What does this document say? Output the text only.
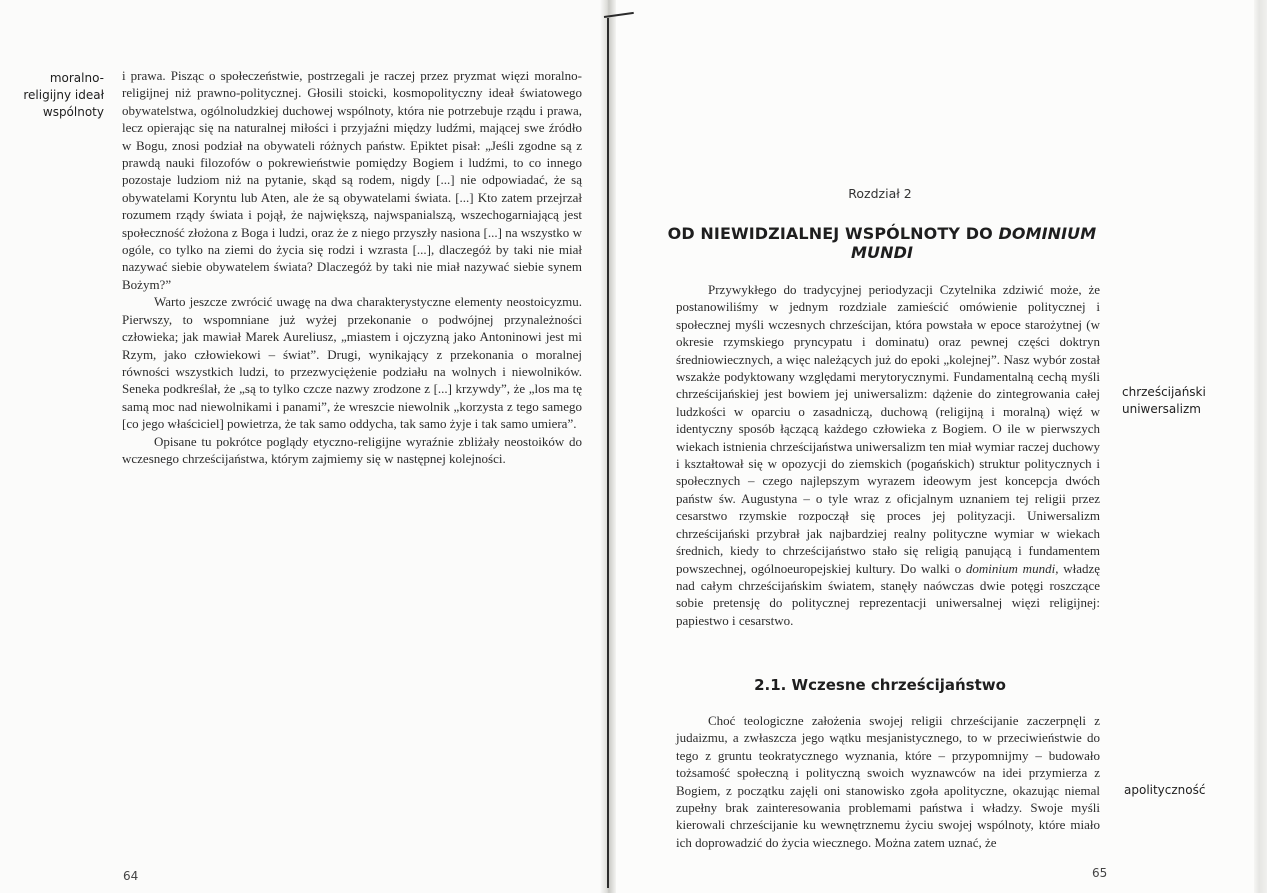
moralno-religijny ideał wspólnoty

i prawa. Pisząc o społeczeństwie, postrzegali je raczej przez pryzmat więzi moralno-religijnej niż prawno-politycznej. Głosili stoicki, kosmopolityczny ideał światowego obywatelstwa, ogólnoludzkiej duchowej wspólnoty, która nie potrzebuje rządu i prawa, lecz opierając się na naturalnej miłości i przyjaźni między ludźmi, mającej swe źródło w Bogu, znosi podział na obywateli różnych państw. Epiktet pisał: „Jeśli zgodne są z prawdą nauki filozofów o pokrewieństwie pomiędzy Bogiem i ludźmi, to co innego pozostaje ludziom niż na pytanie, skąd są rodem, nigdy [...] nie odpowiadać, że są obywatelami Koryntu lub Aten, ale że są obywatelami świata. [...] Kto zatem przejrzał rozumem rządy świata i pojął, że największą, najwspanialszą, wszechogarniającą jest społeczność złożona z Boga i ludzi, oraz że z niego przyszły nasiona [...] na wszystko w ogóle, co tylko na ziemi do życia się rodzi i wzrasta [...], dlaczegóż by taki nie miał nazywać siebie obywatelem świata? Dlaczegóż by taki nie miał nazywać siebie synem Bożym?”

Warto jeszcze zwrócić uwagę na dwa charakterystyczne elementy neostoicyzmu. Pierwszy, to wspomniane już wyżej przekonanie o podwójnej przynależności człowieka; jak mawiał Marek Aureliusz, „miastem i ojczyzną jako Antoninowi jest mi Rzym, jako człowiekowi – świat”. Drugi, wynikający z przekonania o moralnej równości wszystkich ludzi, to przezwyciężenie podziału na wolnych i niewolników. Seneka podkreślał, że „są to tylko czcze nazwy zrodzone z [...] krzywdy”, że „los ma tę samą moc nad niewolnikami i panami”, że wreszcie niewolnik „korzysta z tego samego [co jego właściciel] powietrza, że tak samo oddycha, tak samo żyje i tak samo umiera”.

Opisane tu pokrótce poglądy etyczno-religijne wyraźnie zbliżały neostoików do wczesnego chrześcijaństwa, którym zajmiemy się w następnej kolejności.

64
Rozdział 2
OD NIEWIDZIALNEJ WSPÓLNOTY DO DOMINIUM MUNDI

Przywykłego do tradycyjnej periodyzacji Czytelnika zdziwić może, że postanowiliśmy w jednym rozdziale zamieścić omówienie politycznej i społecznej myśli wczesnych chrześcijan, która powstała w epoce starożytnej (w okresie rzymskiego pryncypatu i dominatu) oraz pewnej części doktryn średniowiecznych, a więc należących już do epoki „kolejnej”. Nasz wybór został wszakże podyktowany względami merytorycznymi. Fundamentalną cechą myśli chrześcijańskiej jest bowiem jej uniwersalizm: dążenie do zintegrowania całej ludzkości w oparciu o zasadniczą, duchową (religijną i moralną) więź w identyczny sposób łączącą każdego człowieka z Bogiem. O ile w pierwszych wiekach istnienia chrześcijaństwa uniwersalizm ten miał wymiar raczej duchowy i kształtował się w opozycji do ziemskich (pogańskich) struktur politycznych i społecznych – czego najlepszym wyrazem ideowym jest koncepcja dwóch państw św. Augustyna – o tyle wraz z oficjalnym uznaniem tej religii przez cesarstwo rzymskie rozpoczął się proces jej polityzacji. Uniwersalizm chrześcijański przybrał jak najbardziej realny polityczne wymiar w wiekach średnich, kiedy to chrześcijaństwo stało się religią panującą i fundamentem powszechnej, ogólnoeuropejskiej kultury. Do walki o dominium mundi, władzę nad całym chrześcijańskim światem, stanęły naówczas dwie potęgi roszczące sobie pretensję do politycznej reprezentacji uniwersalnej więzi religijnej: papiestwo i cesarstwo.

chrześcijański uniwersalizm
2.1. Wczesne chrześcijaństwo

Choć teologiczne założenia swojej religii chrześcijanie zaczerpnęli z judaizmu, a zwłaszcza jego wątku mesjanistycznego, to w przeciwieństwie do tego z gruntu teokratycznego wyznania, które – przypomnijmy – budowało tożsamość społeczną i polityczną swoich wyznawców na idei przymierza z Bogiem, z początku zajęli oni stanowisko zgoła apolityczne, okazując niemal zupełny brak zainteresowania problemami państwa i władzy. Swoje myśli kierowali chrześcijanie ku wewnętrznemu życiu swojej wspólnoty, które miało ich doprowadzić do życia wiecznego. Można zatem uznać, że

apolityczność
65
